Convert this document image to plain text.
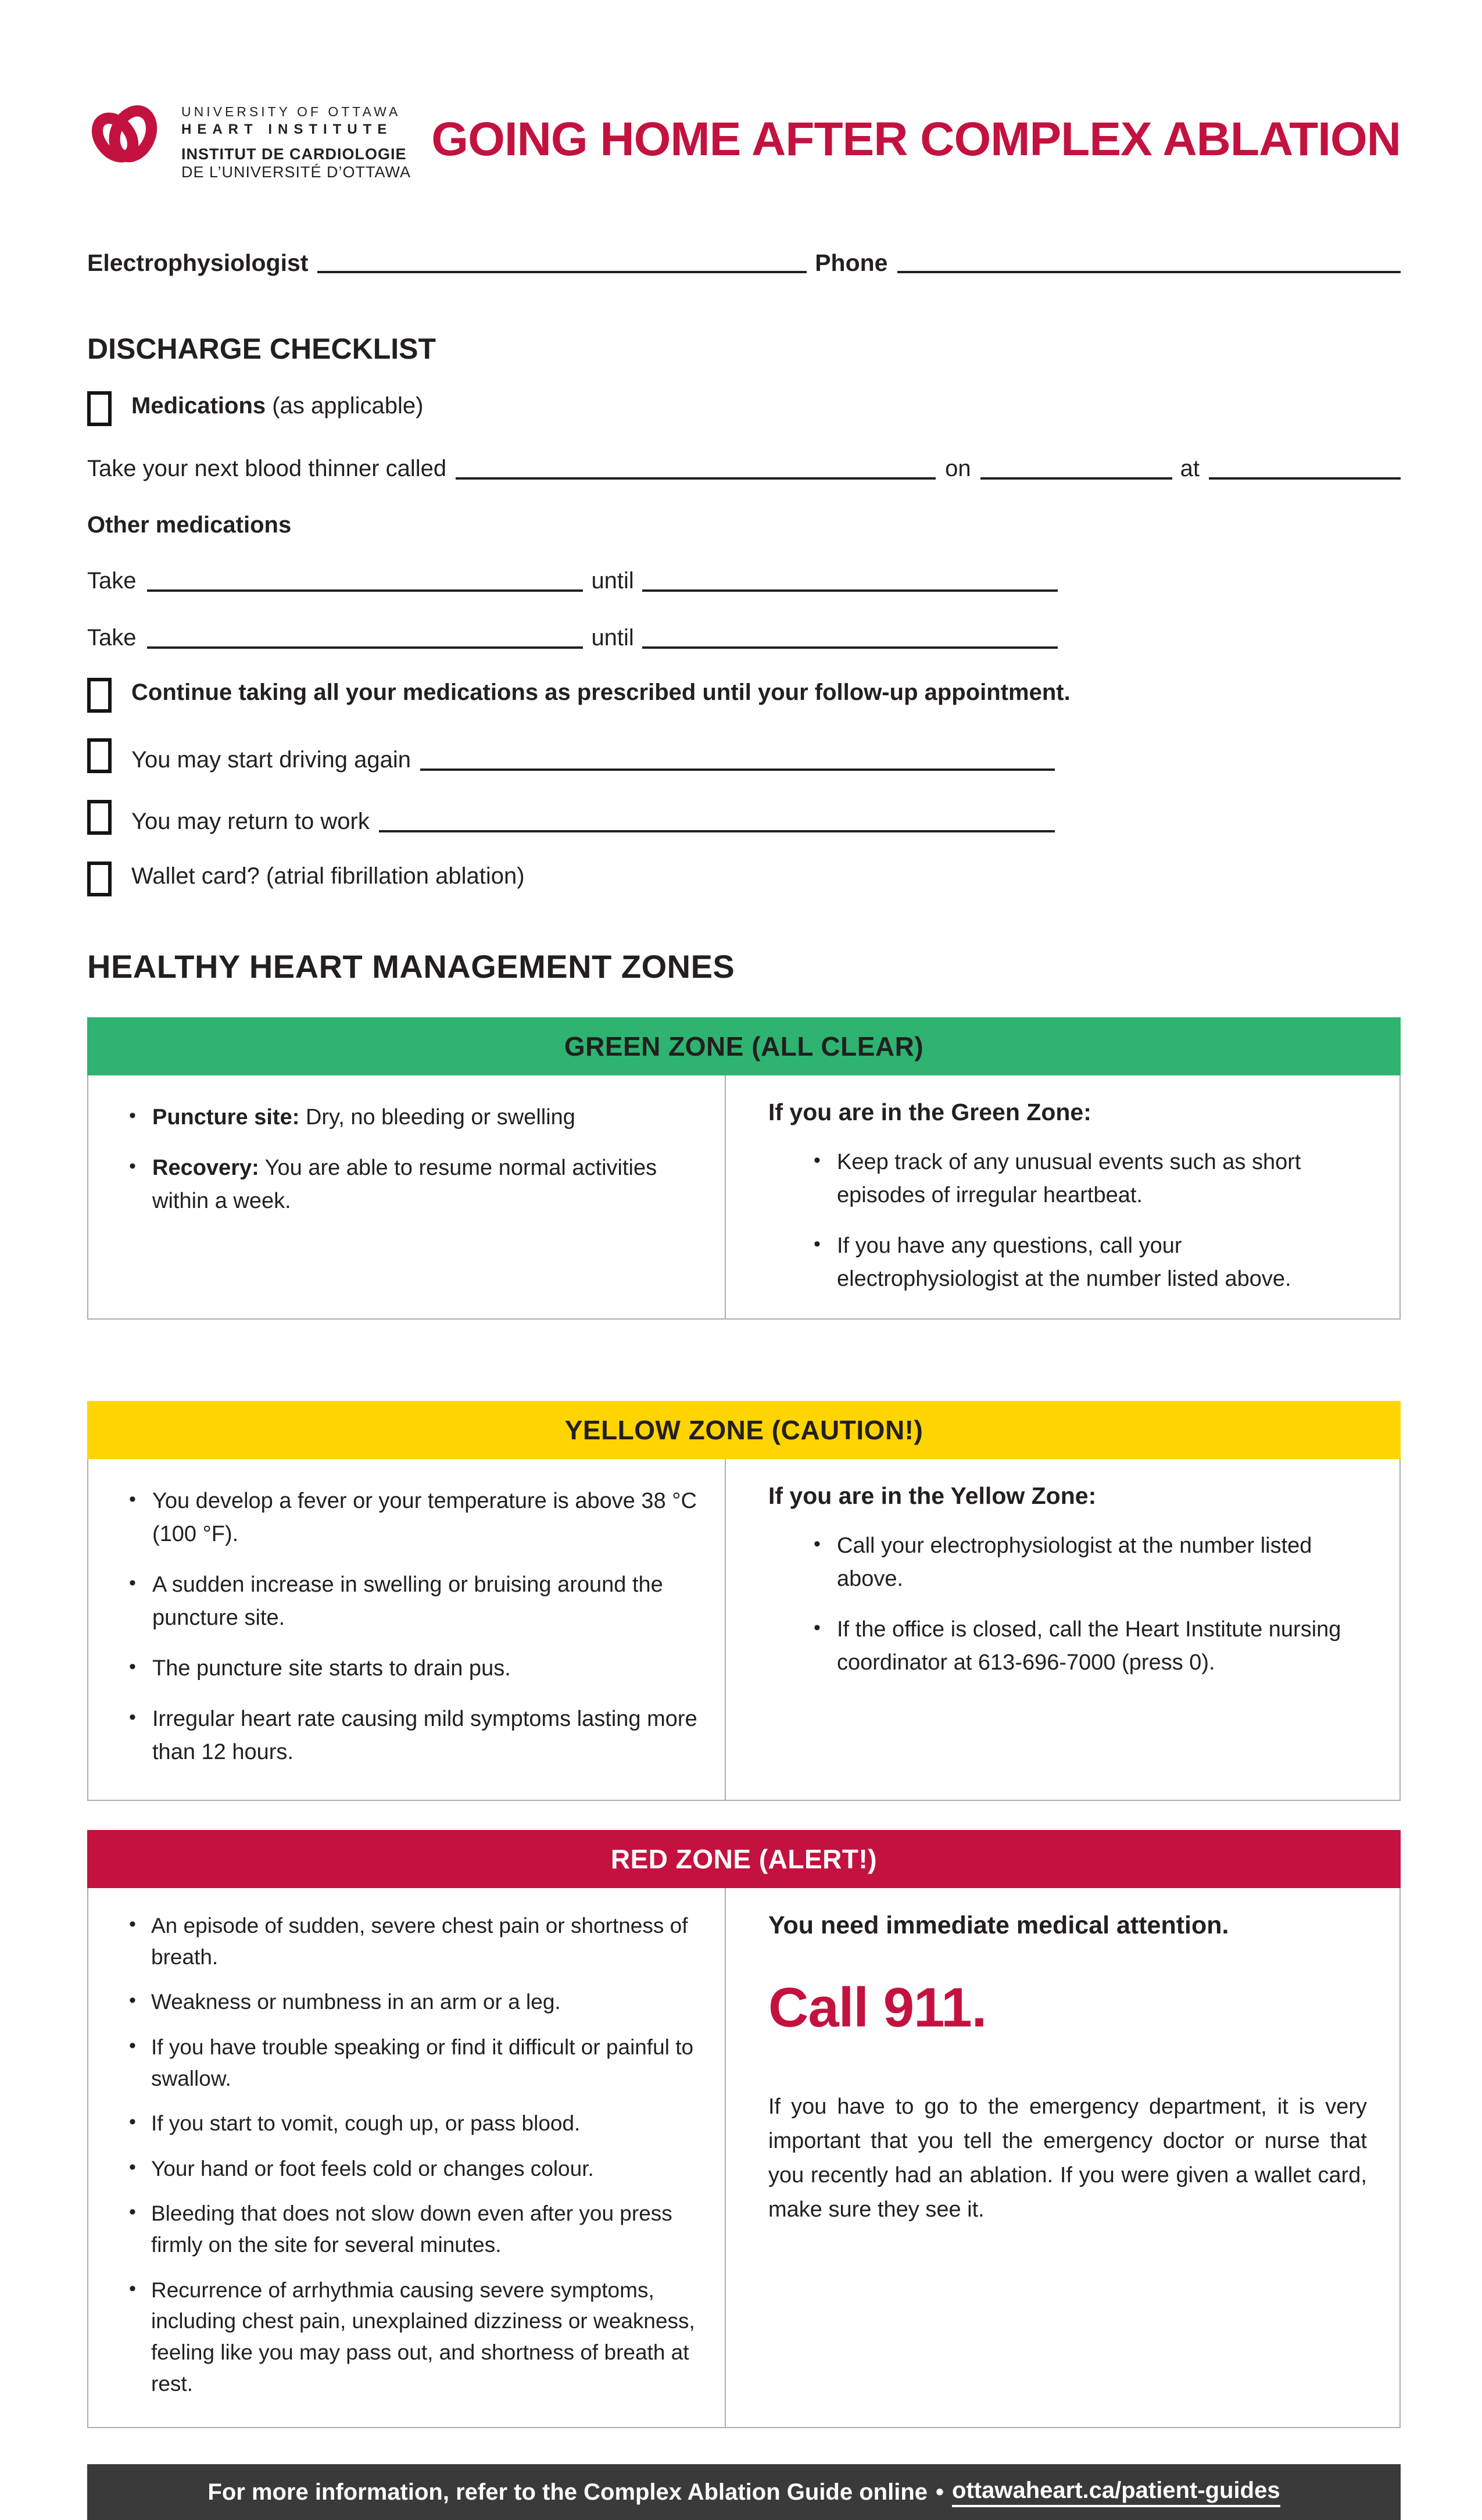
UNIVERSITY OF OTTAWA
HEART INSTITUTE
INSTITUT DE CARDIOLOGIE
DE L’UNIVERSITÉ D’OTTAWA
GOING HOME AFTER COMPLEX ABLATION
Electrophysiologist	Phone
DISCHARGE CHECKLIST
Medications (as applicable)
Take your next blood thinner called	on	at
Other medications
Take	until
Take	until
Continue taking all your medications as prescribed until your follow-up appointment.
You may start driving again
You may return to work
Wallet card? (atrial fibrillation ablation)
HEALTHY HEART MANAGEMENT ZONES
GREEN ZONE (ALL CLEAR)
• Puncture site: Dry, no bleeding or swelling
• Recovery: You are able to resume normal activities within a week.
If you are in the Green Zone:
• Keep track of any unusual events such as short episodes of irregular heartbeat.
• If you have any questions, call your electrophysiologist at the number listed above.
YELLOW ZONE (CAUTION!)
• You develop a fever or your temperature is above 38 °C (100 °F).
• A sudden increase in swelling or bruising around the puncture site.
• The puncture site starts to drain pus.
• Irregular heart rate causing mild symptoms lasting more than 12 hours.
If you are in the Yellow Zone:
• Call your electrophysiologist at the number listed above.
• If the office is closed, call the Heart Institute nursing coordinator at 613-696-7000 (press 0).
RED ZONE (ALERT!)
• An episode of sudden, severe chest pain or shortness of breath.
• Weakness or numbness in an arm or a leg.
• If you have trouble speaking or find it difficult or painful to swallow.
• If you start to vomit, cough up, or pass blood.
• Your hand or foot feels cold or changes colour.
• Bleeding that does not slow down even after you press firmly on the site for several minutes.
• Recurrence of arrhythmia causing severe symptoms, including chest pain, unexplained dizziness or weakness, feeling like you may pass out, and shortness of breath at rest.
You need immediate medical attention.
Call 911.
If you have to go to the emergency department, it is very important that you tell the emergency doctor or nurse that you recently had an ablation. If you were given a wallet card, make sure they see it.
For more information, refer to the Complex Ablation Guide online • ottawaheart.ca/patient-guides
